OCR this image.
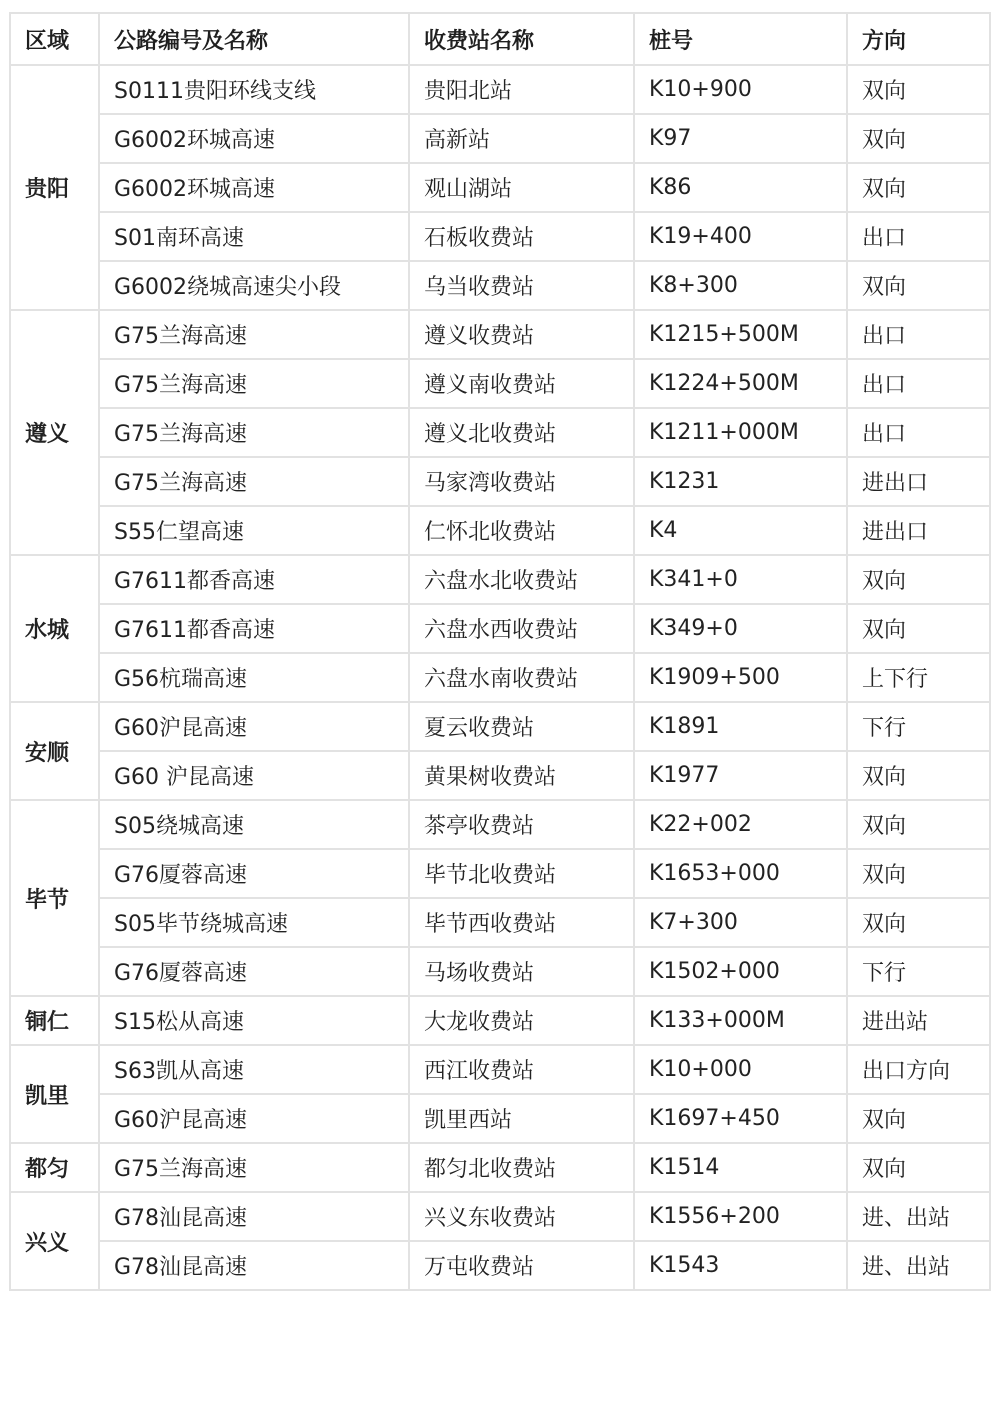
区域	公路编号及名称	收费站名称	桩号	方向
贵阳	S0111贵阳环线支线	贵阳北站	K10+900	双向
	G6002环城高速	高新站	K97	双向
	G6002环城高速	观山湖站	K86	双向
	S01南环高速	石板收费站	K19+400	出口
	G6002绕城高速尖小段	乌当收费站	K8+300	双向
遵义	G75兰海高速	遵义收费站	K1215+500M	出口
	G75兰海高速	遵义南收费站	K1224+500M	出口
	G75兰海高速	遵义北收费站	K1211+000M	出口
	G75兰海高速	马家湾收费站	K1231	进出口
	S55仁望高速	仁怀北收费站	K4	进出口
水城	G7611都香高速	六盘水北收费站	K341+0	双向
	G7611都香高速	六盘水西收费站	K349+0	双向
	G56杭瑞高速	六盘水南收费站	K1909+500	上下行
安顺	G60沪昆高速	夏云收费站	K1891	下行
	G60 沪昆高速	黄果树收费站	K1977	双向
毕节	S05绕城高速	茶亭收费站	K22+002	双向
	G76厦蓉高速	毕节北收费站	K1653+000	双向
	S05毕节绕城高速	毕节西收费站	K7+300	双向
	G76厦蓉高速	马场收费站	K1502+000	下行
铜仁	S15松从高速	大龙收费站	K133+000M	进出站
凯里	S63凯从高速	西江收费站	K10+000	出口方向
	G60沪昆高速	凯里西站	K1697+450	双向
都匀	G75兰海高速	都匀北收费站	K1514	双向
兴义	G78汕昆高速	兴义东收费站	K1556+200	进、出站
	G78汕昆高速	万屯收费站	K1543	进、出站
